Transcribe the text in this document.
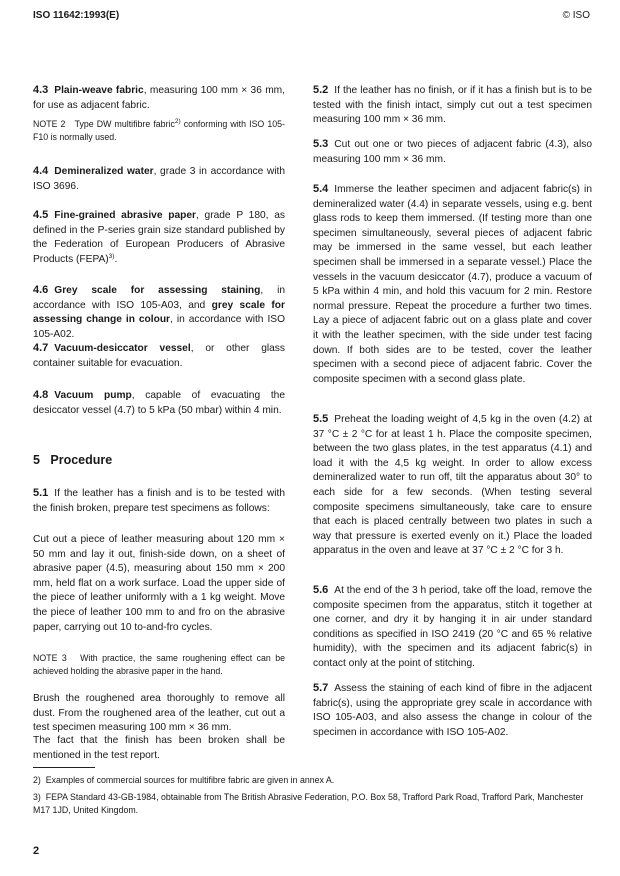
ISO 11642:1993(E)	© ISO

4.3 Plain-weave fabric, measuring 100 mm × 36 mm, for use as adjacent fabric.

NOTE 2 Type DW multifibre fabric$^{2)}$ conforming with ISO 105-F10 is normally used.

4.4 Demineralized water, grade 3 in accordance with ISO 3696.

4.5 Fine-grained abrasive paper, grade P 180, as defined in the P-series grain size standard published by the Federation of European Producers of Abrasive Products (FEPA)$^{3)}$.

4.6 Grey scale for assessing staining, in accordance with ISO 105-A03, and grey scale for assessing change in colour, in accordance with ISO 105-A02.

4.7 Vacuum-desiccator vessel, or other glass container suitable for evacuation.

4.8 Vacuum pump, capable of evacuating the desiccator vessel (4.7) to 5 kPa (50 mbar) within 4 min.

5 Procedure

5.1 If the leather has a finish and is to be tested with the finish broken, prepare test specimens as follows:

Cut out a piece of leather measuring about 120 mm × 50 mm and lay it out, finish-side down, on a sheet of abrasive paper (4.5), measuring about 150 mm × 200 mm, held flat on a work surface. Load the upper side of the piece of leather uniformly with a 1 kg weight. Move the piece of leather 100 mm to and fro on the abrasive paper, carrying out 10 to-and-fro cycles.

NOTE 3 With practice, the same roughening effect can be achieved holding the abrasive paper in the hand.

Brush the roughened area thoroughly to remove all dust. From the roughened area of the leather, cut out a test specimen measuring 100 mm × 36 mm.

The fact that the finish has been broken shall be mentioned in the test report.

5.2 If the leather has no finish, or if it has a finish but is to be tested with the finish intact, simply cut out a test specimen measuring 100 mm × 36 mm.

5.3 Cut out one or two pieces of adjacent fabric (4.3), also measuring 100 mm × 36 mm.

5.4 Immerse the leather specimen and adjacent fabric(s) in demineralized water (4.4) in separate vessels, using e.g. bent glass rods to keep them immersed. (If testing more than one specimen simultaneously, several pieces of adjacent fabric may be immersed in the same vessel, but each leather specimen shall be immersed in a separate vessel.) Place the vessels in the vacuum desiccator (4.7), produce a vacuum of 5 kPa within 4 min, and hold this vacuum for 2 min. Restore normal pressure. Repeat the procedure a further two times. Lay a piece of adjacent fabric out on a glass plate and cover it with the leather specimen, with the side under test facing down. If both sides are to be tested, cover the leather specimen with a second piece of adjacent fabric. Cover the composite specimen with a second glass plate.

5.5 Preheat the loading weight of 4,5 kg in the oven (4.2) at 37 °C ± 2 °C for at least 1 h. Place the composite specimen, between the two glass plates, in the test apparatus (4.1) and load it with the 4,5 kg weight. In order to allow excess demineralized water to run off, tilt the apparatus about 30° to each side for a few seconds. (When testing several composite specimens simultaneously, take care to ensure that each is placed centrally between two plates in such a way that pressure is exerted evenly on it.) Place the loaded apparatus in the oven and leave at 37 °C ± 2 °C for 3 h.

5.6 At the end of the 3 h period, take off the load, remove the composite specimen from the apparatus, stitch it together at one corner, and dry it by hanging it in air under standard conditions as specified in ISO 2419 (20 °C and 65 % relative humidity), with the specimen and its adjacent fabric(s) in contact only at the point of stitching.

5.7 Assess the staining of each kind of fibre in the adjacent fabric(s), using the appropriate grey scale in accordance with ISO 105-A03, and also assess the change in colour of the specimen in accordance with ISO 105-A02.

2) Examples of commercial sources for multifibre fabric are given in annex A.
3) FEPA Standard 43-GB-1984, obtainable from The British Abrasive Federation, P.O. Box 58, Trafford Park Road, Trafford Park, Manchester M17 1JD, United Kingdom.
2
